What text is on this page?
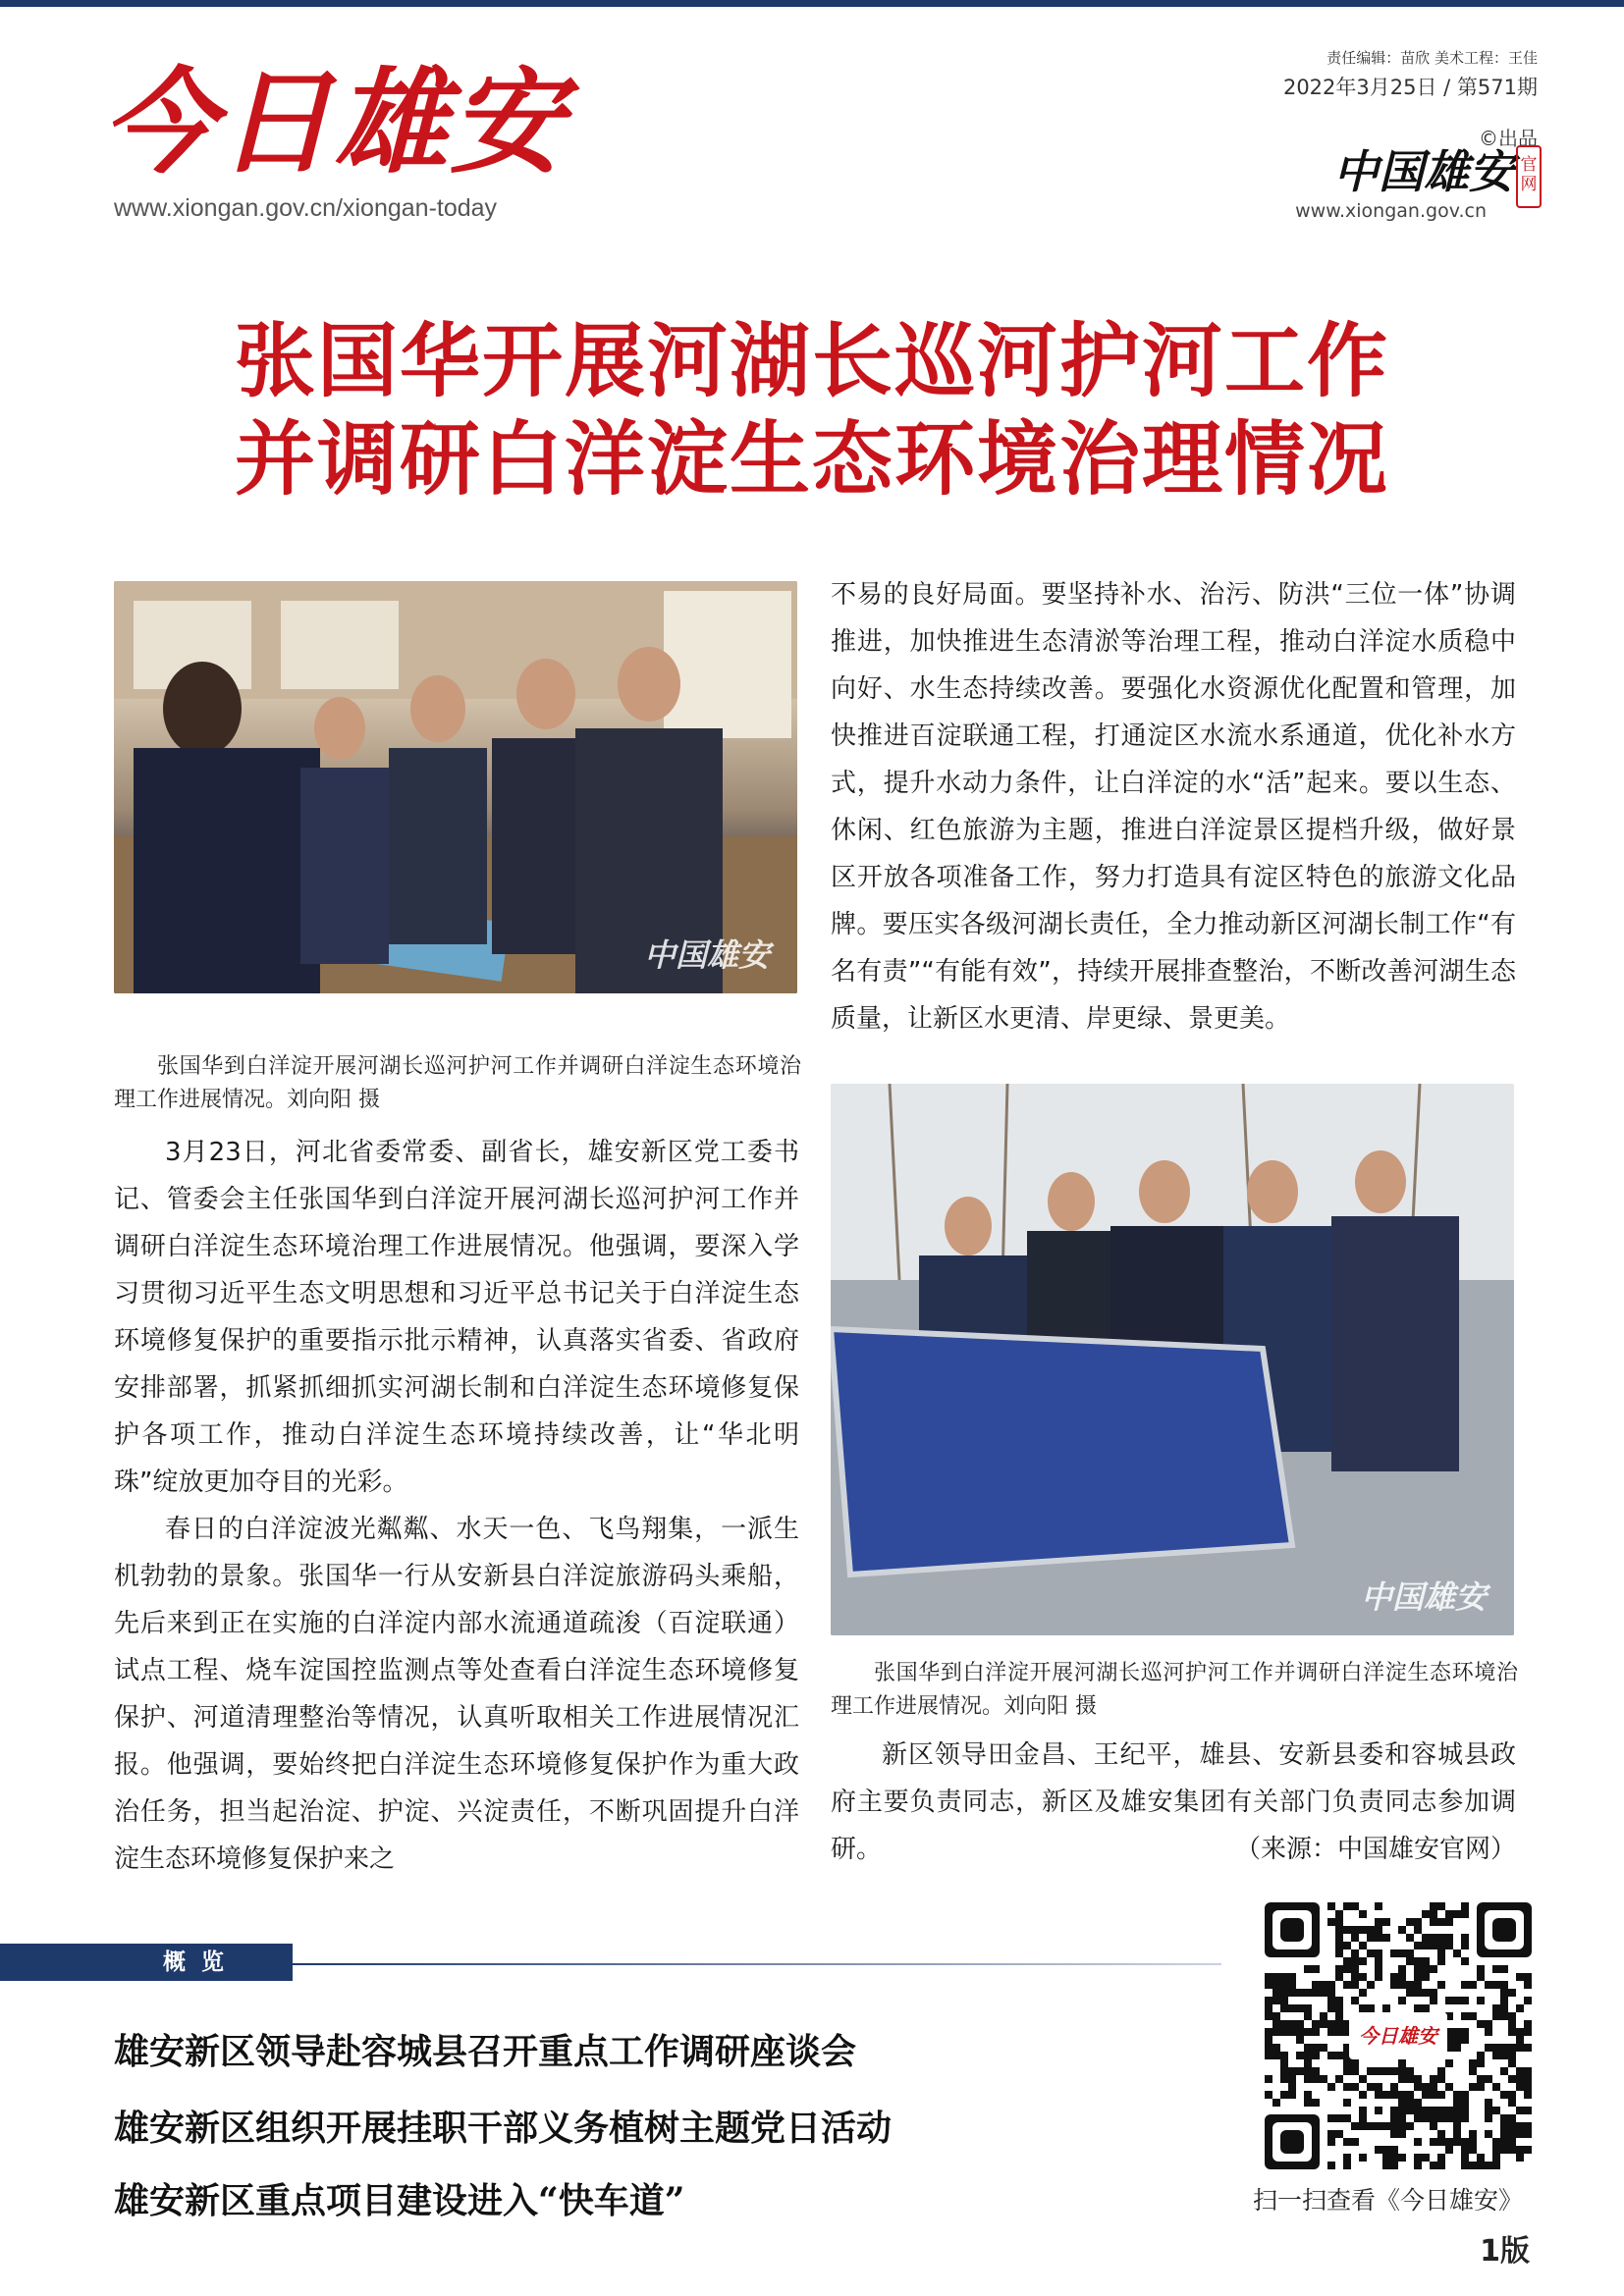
今日雄安
www.xiongan.gov.cn/xiongan-today
责任编辑：苗欣 美术工程：王佳
2022年3月25日 / 第571期
©出品
中国雄安 官网
www.xiongan.gov.cn
张国华开展河湖长巡河护河工作
并调研白洋淀生态环境治理情况
中国雄安
张国华到白洋淀开展河湖长巡河护河工作并调研白洋淀生态环境治理工作进展情况。刘向阳 摄

3月23日，河北省委常委、副省长，雄安新区党工委书记、管委会主任张国华到白洋淀开展河湖长巡河护河工作并调研白洋淀生态环境治理工作进展情况。他强调，要深入学习贯彻习近平生态文明思想和习近平总书记关于白洋淀生态环境修复保护的重要指示批示精神，认真落实省委、省政府安排部署，抓紧抓细抓实河湖长制和白洋淀生态环境修复保护各项工作，推动白洋淀生态环境持续改善，让“华北明珠”绽放更加夺目的光彩。

春日的白洋淀波光粼粼、水天一色、飞鸟翔集，一派生机勃勃的景象。张国华一行从安新县白洋淀旅游码头乘船，先后来到正在实施的白洋淀内部水流通道疏浚（百淀联通）试点工程、烧车淀国控监测点等处查看白洋淀生态环境修复保护、河道清理整治等情况，认真听取相关工作进展情况汇报。他强调，要始终把白洋淀生态环境修复保护作为重大政治任务，担当起治淀、护淀、兴淀责任，不断巩固提升白洋淀生态环境修复保护来之

不易的良好局面。要坚持补水、治污、防洪“三位一体”协调推进，加快推进生态清淤等治理工程，推动白洋淀水质稳中向好、水生态持续改善。要强化水资源优化配置和管理，加快推进百淀联通工程，打通淀区水流水系通道，优化补水方式，提升水动力条件，让白洋淀的水“活”起来。要以生态、休闲、红色旅游为主题，推进白洋淀景区提档升级，做好景区开放各项准备工作，努力打造具有淀区特色的旅游文化品牌。要压实各级河湖长责任，全力推动新区河湖长制工作“有名有责”“有能有效”，持续开展排查整治，不断改善河湖生态质量，让新区水更清、岸更绿、景更美。

中国雄安
张国华到白洋淀开展河湖长巡河护河工作并调研白洋淀生态环境治理工作进展情况。刘向阳 摄

新区领导田金昌、王纪平，雄县、安新县委和容城县政府主要负责同志，新区及雄安集团有关部门负责同志参加调研。	（来源：中国雄安官网）
概 览
雄安新区领导赴容城县召开重点工作调研座谈会
雄安新区组织开展挂职干部义务植树主题党日活动
雄安新区重点项目建设进入“快车道”
今日雄安
扫一扫查看《今日雄安》
1版
